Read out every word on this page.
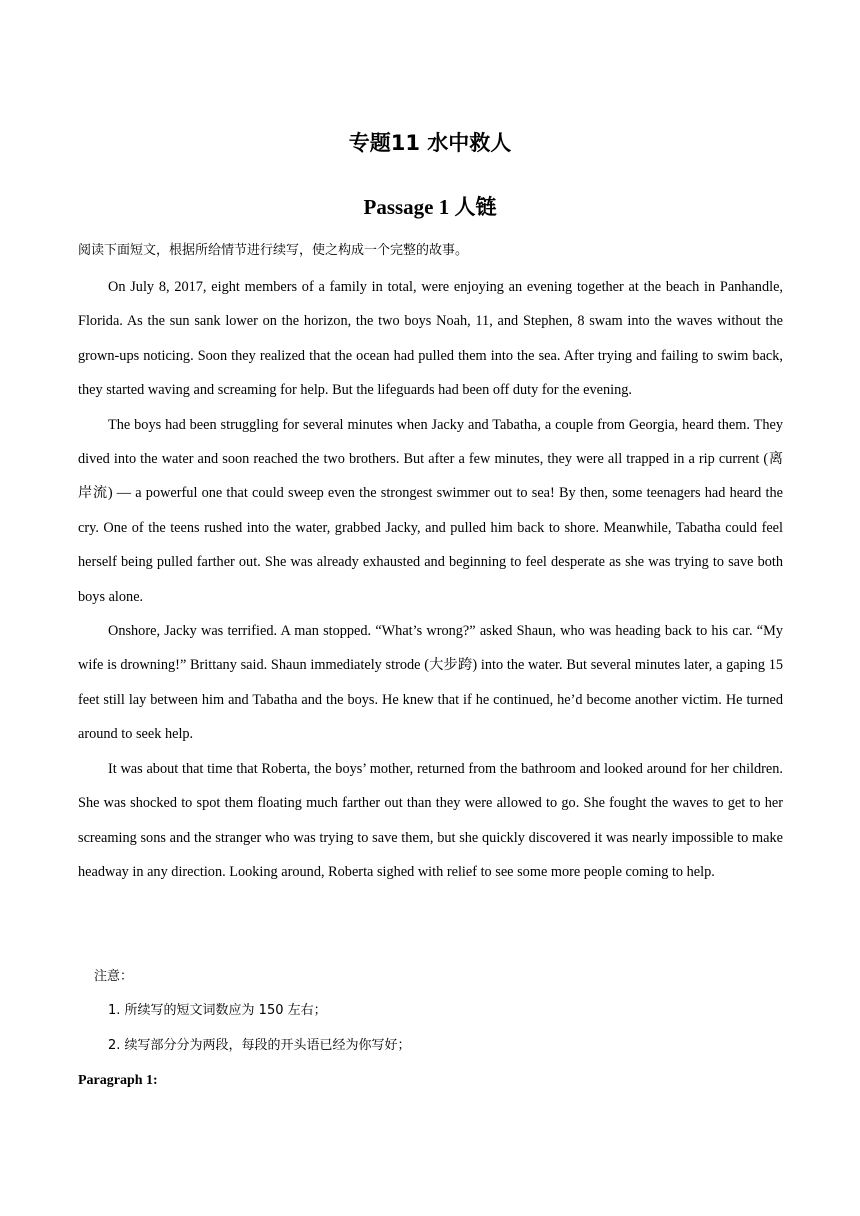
专题11 水中救人
Passage 1 人链

阅读下面短文，根据所给情节进行续写，使之构成一个完整的故事。

On July 8, 2017, eight members of a family in total, were enjoying an evening together at the beach in Panhandle, Florida. As the sun sank lower on the horizon, the two boys Noah, 11, and Stephen, 8 swam into the waves without the grown-ups noticing. Soon they realized that the ocean had pulled them into the sea. After trying and failing to swim back, they started waving and screaming for help. But the lifeguards had been off duty for the evening.

The boys had been struggling for several minutes when Jacky and Tabatha, a couple from Georgia, heard them. They dived into the water and soon reached the two brothers. But after a few minutes, they were all trapped in a rip current (离岸流) — a powerful one that could sweep even the strongest swimmer out to sea! By then, some teenagers had heard the cry. One of the teens rushed into the water, grabbed Jacky, and pulled him back to shore. Meanwhile, Tabatha could feel herself being pulled farther out. She was already exhausted and beginning to feel desperate as she was trying to save both boys alone.

Onshore, Jacky was terrified. A man stopped. “What’s wrong?” asked Shaun, who was heading back to his car. “My wife is drowning!” Brittany said. Shaun immediately strode (大步跨) into the water. But several minutes later, a gaping 15 feet still lay between him and Tabatha and the boys. He knew that if he continued, he’d become another victim. He turned around to seek help.

It was about that time that Roberta, the boys’ mother, returned from the bathroom and looked around for her children. She was shocked to spot them floating much farther out than they were allowed to go. She fought the waves to get to her screaming sons and the stranger who was trying to save them, but she quickly discovered it was nearly impossible to make headway in any direction. Looking around, Roberta sighed with relief to see some more people coming to help.

注意：
1. 所续写的短文词数应为 150 左右；
2. 续写部分分为两段，每段的开头语已经为你写好；

Paragraph 1:
